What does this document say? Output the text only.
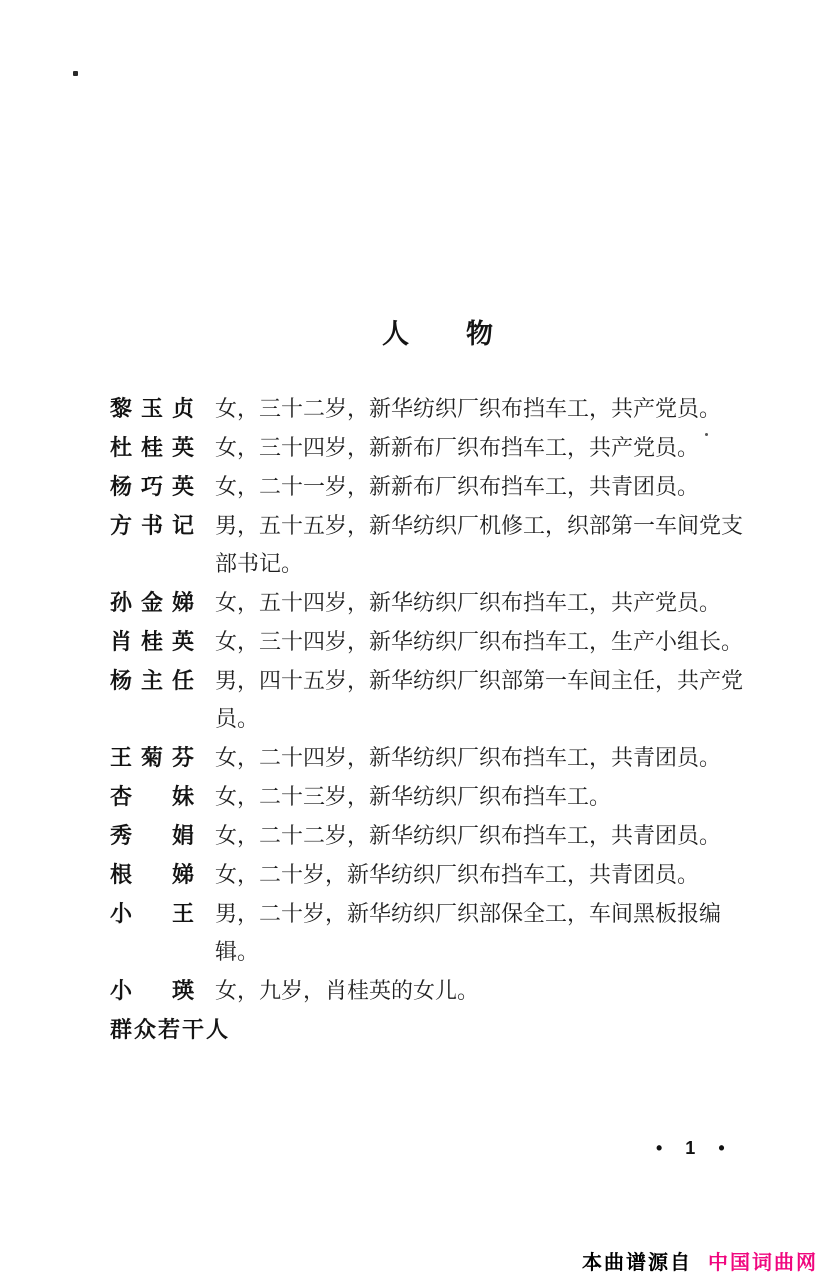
人　　物
黎玉贞 女，三十二岁，新华纺织厂织布挡车工，共产党员。
杜桂英 女，三十四岁，新新布厂织布挡车工，共产党员。
杨巧英 女，二十一岁，新新布厂织布挡车工，共青团员。
方书记 男，五十五岁，新华纺织厂机修工，织部第一车间党支部书记。
孙金娣 女，五十四岁，新华纺织厂织布挡车工，共产党员。
肖桂英 女，三十四岁，新华纺织厂织布挡车工，生产小组长。
杨主任 男，四十五岁，新华纺织厂织部第一车间主任，共产党员。
王菊芬 女，二十四岁，新华纺织厂织布挡车工，共青团员。
杏　妹 女，二十三岁，新华纺织厂织布挡车工。
秀　娟 女，二十二岁，新华纺织厂织布挡车工，共青团员。
根　娣 女，二十岁，新华纺织厂织布挡车工，共青团员。
小　王 男，二十岁，新华纺织厂织部保全工，车间黑板报编辑。
小　瑛 女，九岁，肖桂英的女儿。
群众若干人
• 1 •
本曲谱源自 中国词曲网
